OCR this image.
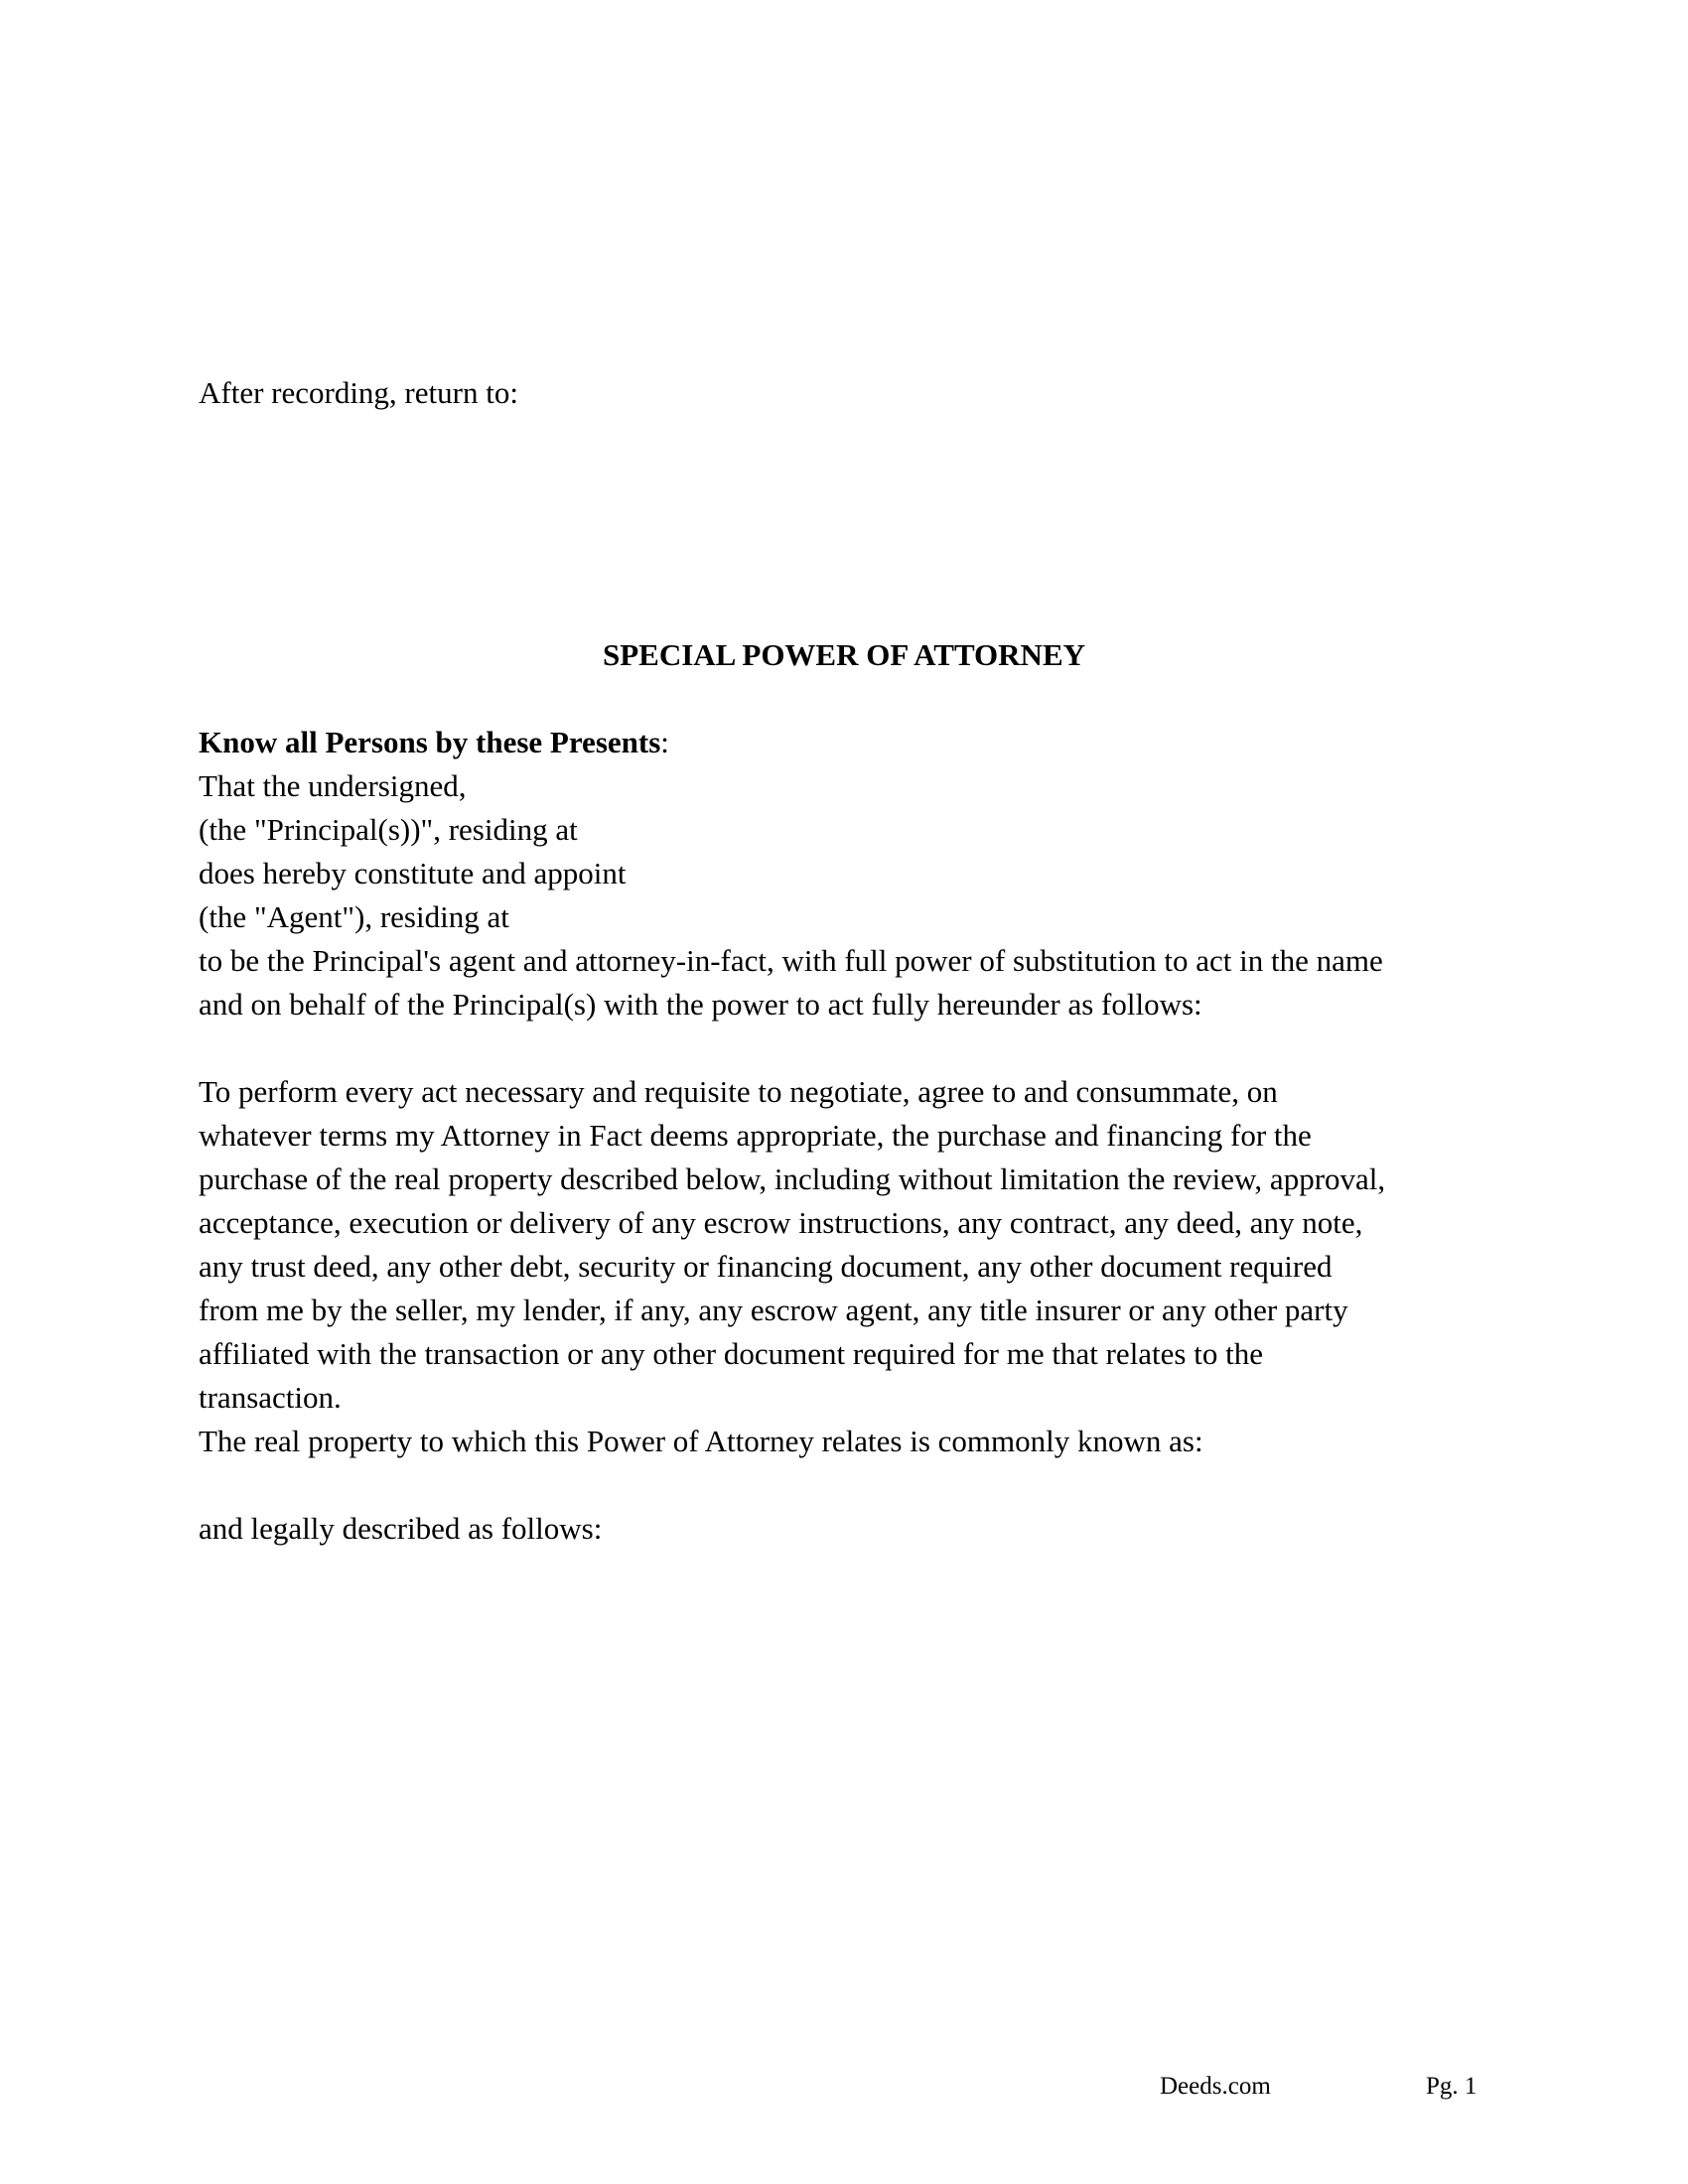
After recording, return to:
SPECIAL POWER OF ATTORNEY
Know all Persons by these Presents:
That the undersigned,
(the "Principal(s))", residing at
does hereby constitute and appoint
(the "Agent"), residing at
to be the Principal's agent and attorney-in-fact, with full power of substitution to act in the name
and on behalf of the Principal(s) with the power to act fully hereunder as follows:
To perform every act necessary and requisite to negotiate, agree to and consummate, on
whatever terms my Attorney in Fact deems appropriate, the purchase and financing for the
purchase of the real property described below, including without limitation the review, approval,
acceptance, execution or delivery of any escrow instructions, any contract, any deed, any note,
any trust deed, any other debt, security or financing document, any other document required
from me by the seller, my lender, if any, any escrow agent, any title insurer or any other party
affiliated with the transaction or any other document required for me that relates to the
transaction.
The real property to which this Power of Attorney relates is commonly known as:
and legally described as follows:
Deeds.com	Pg. 1
